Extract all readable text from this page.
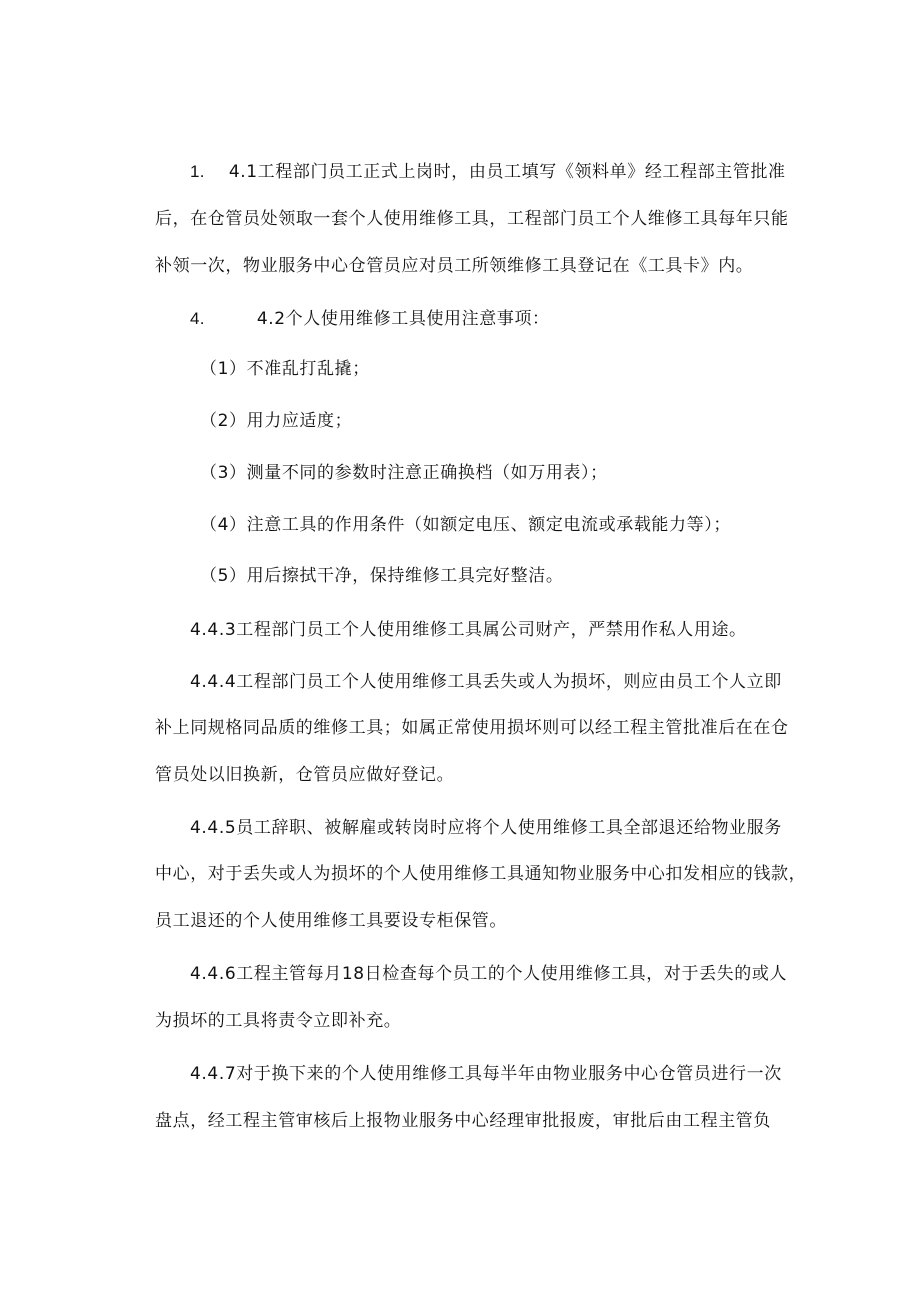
1. 4.1工程部门员工正式上岗时，由员工填写《领料单》经工程部主管批准
后，在仓管员处领取一套个人使用维修工具，工程部门员工个人维修工具每年只能
补领一次，物业服务中心仓管员应对员工所领维修工具登记在《工具卡》内。
4.	4.2个人使用维修工具使用注意事项：
（1）不准乱打乱撬；
（2）用力应适度；
（3）测量不同的参数时注意正确换档（如万用表）；
（4）注意工具的作用条件（如额定电压、额定电流或承载能力等）；
（5）用后擦拭干净，保持维修工具完好整洁。
4.4.3工程部门员工个人使用维修工具属公司财产，严禁用作私人用途。
4.4.4工程部门员工个人使用维修工具丢失或人为损坏，则应由员工个人立即
补上同规格同品质的维修工具；如属正常使用损坏则可以经工程主管批准后在在仓
管员处以旧换新，仓管员应做好登记。
4.4.5员工辞职、被解雇或转岗时应将个人使用维修工具全部退还给物业服务
中心，对于丢失或人为损坏的个人使用维修工具通知物业服务中心扣发相应的钱款，
员工退还的个人使用维修工具要设专柜保管。
4.4.6工程主管每月18日检查每个员工的个人使用维修工具，对于丢失的或人
为损坏的工具将责令立即补充。
4.4.7对于换下来的个人使用维修工具每半年由物业服务中心仓管员进行一次
盘点，经工程主管审核后上报物业服务中心经理审批报废，审批后由工程主管负
